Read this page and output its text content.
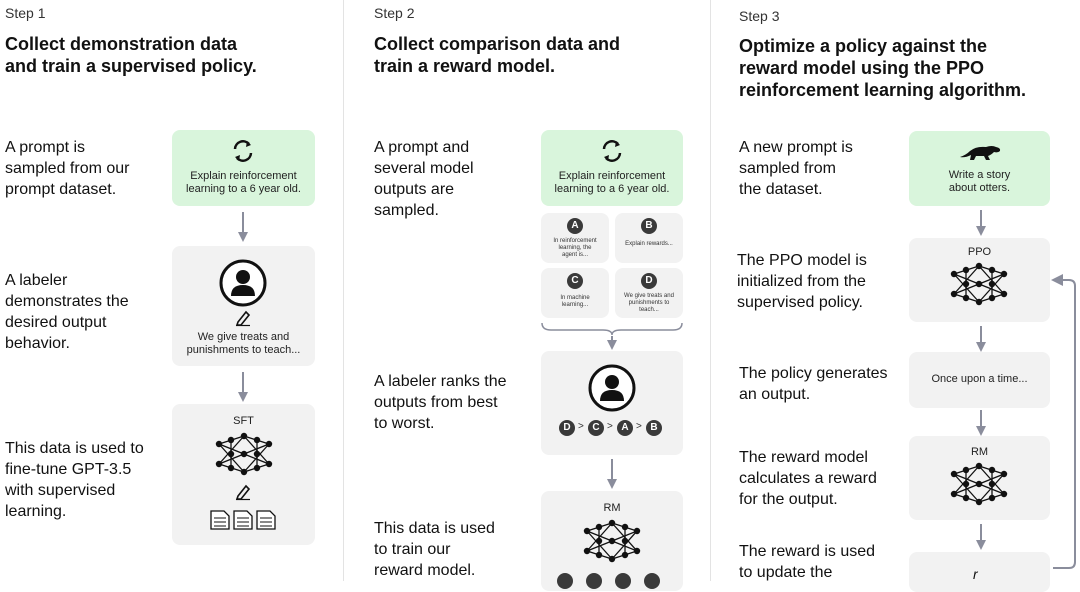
Step 1
Collect demonstration data
and train a supervised policy.
A prompt is
sampled from our
prompt dataset.
A labeler
demonstrates the
desired output
behavior.
This data is used to
fine-tune GPT-3.5
with supervised
learning.
Explain reinforcement
learning to a 6 year old.
We give treats and
punishments to teach...
SFT
Step 2
Collect comparison data and
train a reward model.
A prompt and
several model
outputs are
sampled.
A labeler ranks the
outputs from best
to worst.
This data is used
to train our
reward model.
Explain reinforcement
learning to a 6 year old.
A
In reinforcement
learning, the
agent is...
B
Explain rewards...
C
In machine
learning...
D
We give treats and
punishments to
teach...
D > C > A > B
RM
Step 3
Optimize a policy against the
reward model using the PPO
reinforcement learning algorithm.
A new prompt is
sampled from
the dataset.
The PPO model is
initialized from the
supervised policy.
The policy generates
an output.
The reward model
calculates a reward
for the output.
The reward is used
to update the
Write a story
about otters.
PPO
Once upon a time...
RM
r
